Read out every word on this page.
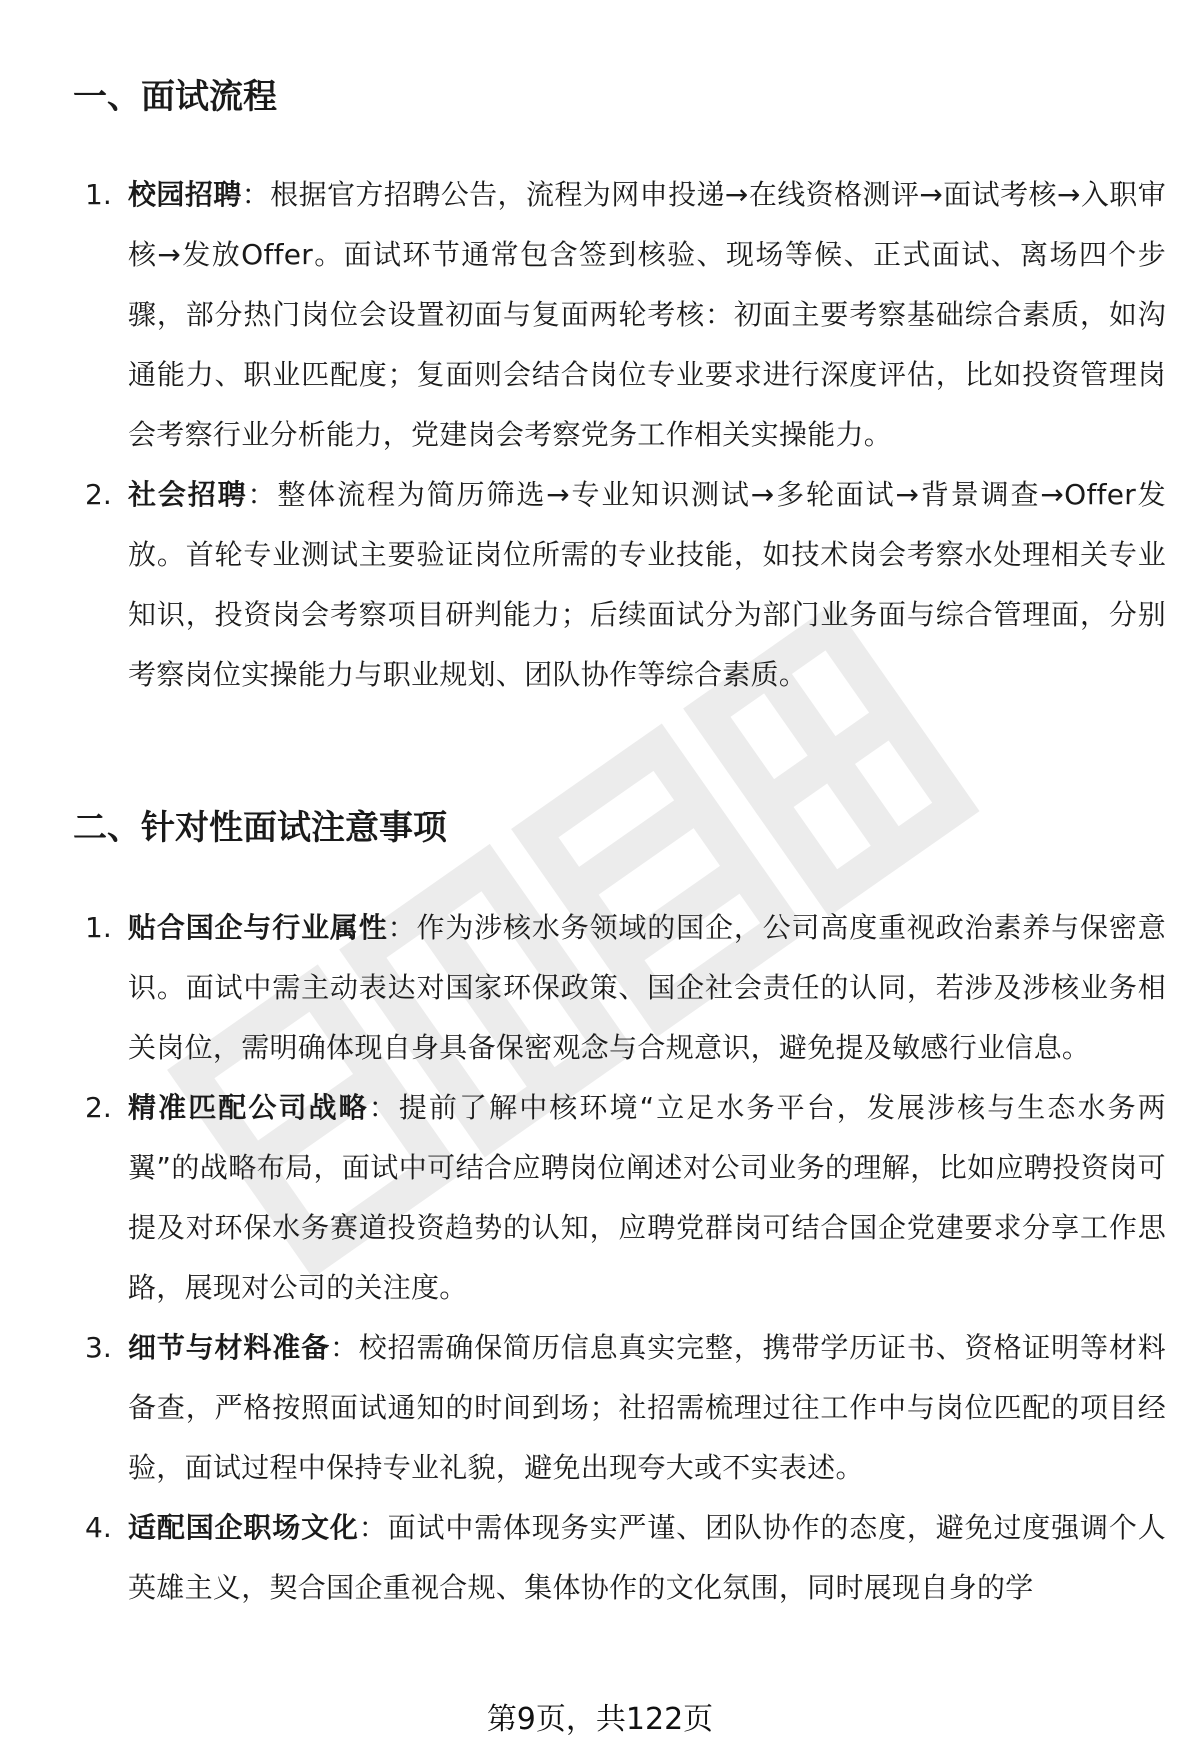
一、面试流程
1. 校园招聘：根据官方招聘公告，流程为网申投递→在线资格测评→面试考核→入职审核→发放Offer。面试环节通常包含签到核验、现场等候、正式面试、离场四个步骤，部分热门岗位会设置初面与复面两轮考核：初面主要考察基础综合素质，如沟通能力、职业匹配度；复面则会结合岗位专业要求进行深度评估，比如投资管理岗会考察行业分析能力，党建岗会考察党务工作相关实操能力。
2. 社会招聘：整体流程为简历筛选→专业知识测试→多轮面试→背景调查→Offer发放。首轮专业测试主要验证岗位所需的专业技能，如技术岗会考察水处理相关专业知识，投资岗会考察项目研判能力；后续面试分为部门业务面与综合管理面，分别考察岗位实操能力与职业规划、团队协作等综合素质。
二、针对性面试注意事项
1. 贴合国企与行业属性：作为涉核水务领域的国企，公司高度重视政治素养与保密意识。面试中需主动表达对国家环保政策、国企社会责任的认同，若涉及涉核业务相关岗位，需明确体现自身具备保密观念与合规意识，避免提及敏感行业信息。
2. 精准匹配公司战略：提前了解中核环境“立足水务平台，发展涉核与生态水务两翼”的战略布局，面试中可结合应聘岗位阐述对公司业务的理解，比如应聘投资岗可提及对环保水务赛道投资趋势的认知，应聘党群岗可结合国企党建要求分享工作思路，展现对公司的关注度。
3. 细节与材料准备：校招需确保简历信息真实完整，携带学历证书、资格证明等材料备查，严格按照面试通知的时间到场；社招需梳理过往工作中与岗位匹配的项目经验，面试过程中保持专业礼貌，避免出现夸大或不实表述。
4. 适配国企职场文化：面试中需体现务实严谨、团队协作的态度，避免过度强调个人英雄主义，契合国企重视合规、集体协作的文化氛围，同时展现自身的学
第9页，共122页
